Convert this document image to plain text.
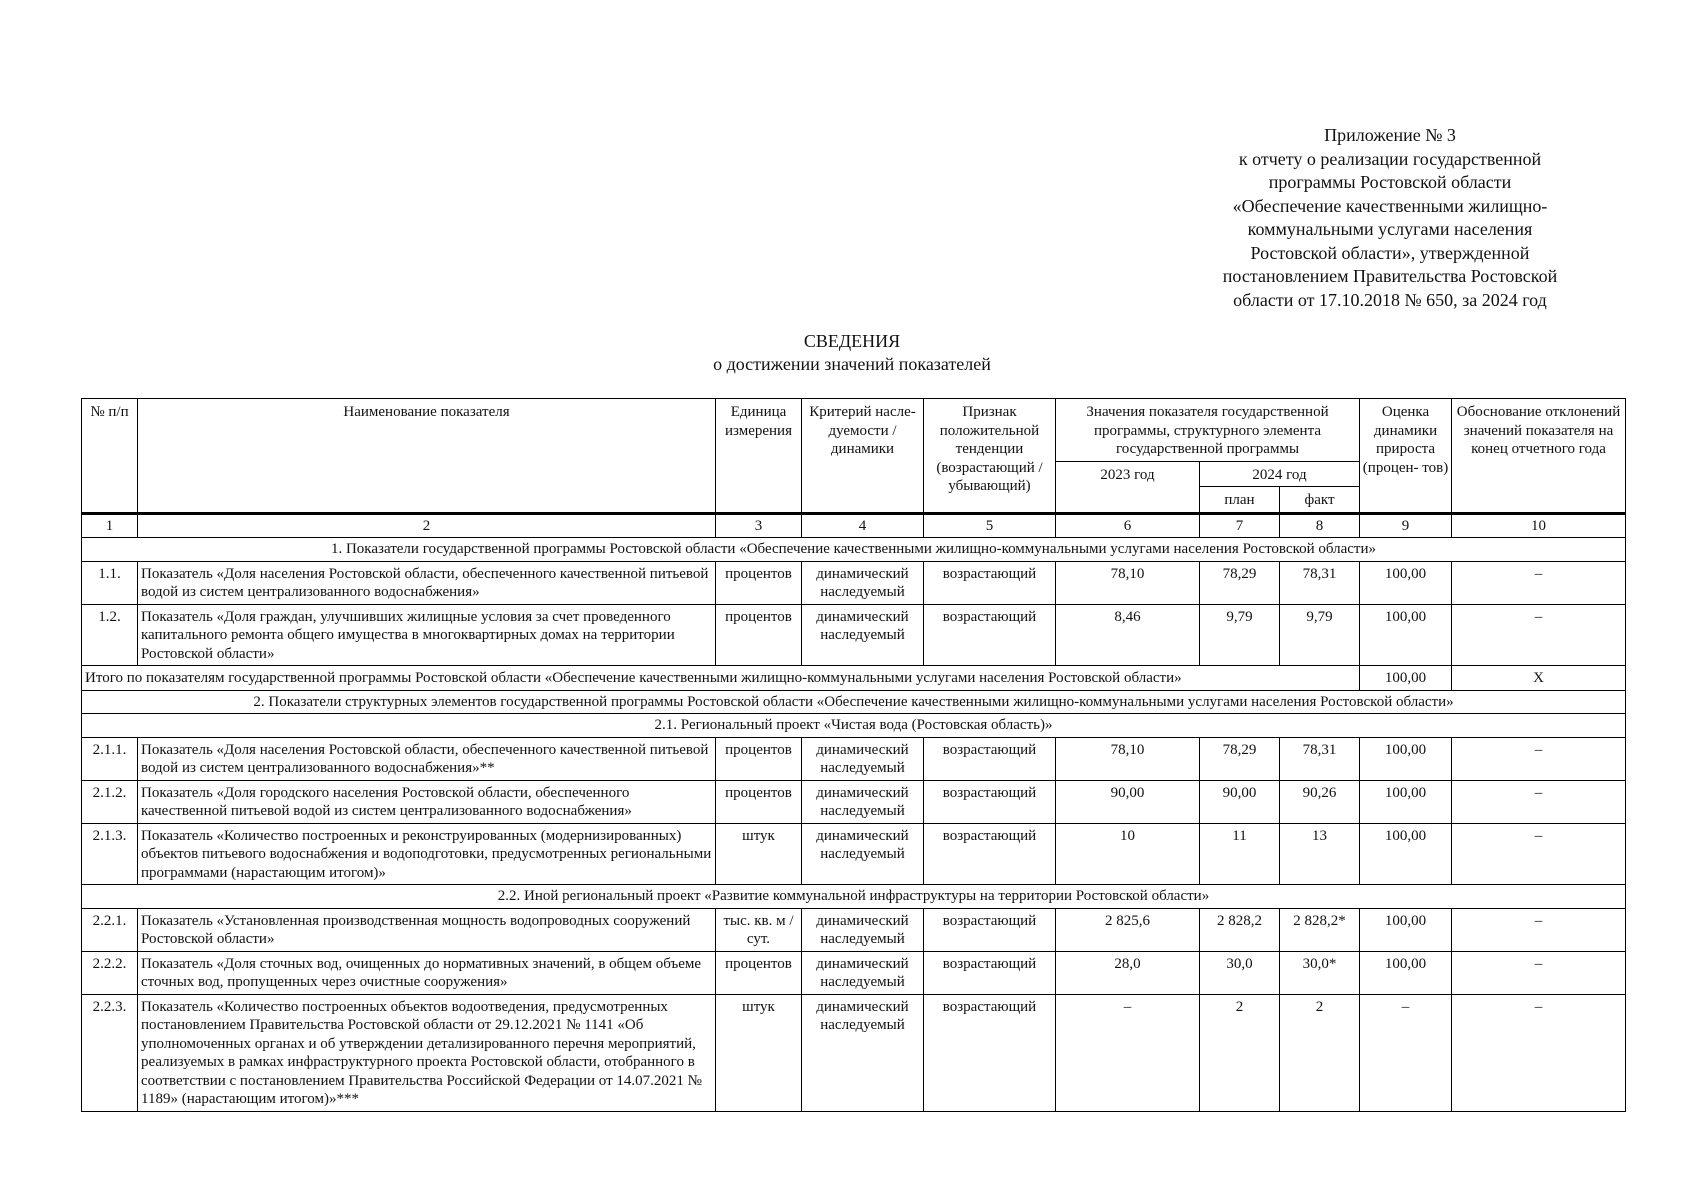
Приложение № 3
к отчету о реализации государственной
программы Ростовской области
«Обеспечение качественными жилищно-
коммунальными услугами населения
Ростовской области», утвержденной
постановлением Правительства Ростовской
области от 17.10.2018 № 650, за 2024 год
СВЕДЕНИЯ
о достижении значений показателей
№ п/п	Наименование показателя	Единица измерения	Критерий насле- дуемости / динамики	Признак положительной тенденции (возрастающий / убывающий)	Значения показателя государственной программы, структурного элемента государственной программы			Оценка динамики прироста (процен- тов)	Обоснование отклонений значений показателя на конец отчетного года
					2023 год	2024 год			
						план	факт		
1	2	3	4	5	6	7	8	9	10
1. Показатели государственной программы Ростовской области «Обеспечение качественными жилищно-коммунальными услугами населения Ростовской области»									
1.1.	Показатель «Доля населения Ростовской области, обеспеченного качественной питьевой водой из систем централизованного водоснабжения»	процентов	динамический наследуемый	возрастающий	78,10	78,29	78,31	100,00	–
1.2.	Показатель «Доля граждан, улучшивших жилищные условия за счет проведенного капитального ремонта общего имущества в многоквартирных домах на территории Ростовской области»	процентов	динамический наследуемый	возрастающий	8,46	9,79	9,79	100,00	–
Итого по показателям государственной программы Ростовской области «Обеспечение качественными жилищно-коммунальными услугами населения Ростовской области»								100,00	Х
2. Показатели структурных элементов государственной программы Ростовской области «Обеспечение качественными жилищно-коммунальными услугами населения Ростовской области»									
2.1. Региональный проект «Чистая вода (Ростовская область)»									
2.1.1.	Показатель «Доля населения Ростовской области, обеспеченного качественной питьевой водой из систем централизованного водоснабжения»**	процентов	динамический наследуемый	возрастающий	78,10	78,29	78,31	100,00	–
2.1.2.	Показатель «Доля городского населения Ростовской области, обеспеченного качественной питьевой водой из систем централизованного водоснабжения»	процентов	динамический наследуемый	возрастающий	90,00	90,00	90,26	100,00	–
2.1.3.	Показатель «Количество построенных и реконструированных (модернизированных) объектов питьевого водоснабжения и водоподготовки, предусмотренных региональными программами (нарастающим итогом)»	штук	динамический наследуемый	возрастающий	10	11	13	100,00	–
2.2. Иной региональный проект «Развитие коммунальной инфраструктуры на территории Ростовской области»									
2.2.1.	Показатель «Установленная производственная мощность водопроводных сооружений Ростовской области»	тыс. кв. м / сут.	динамический наследуемый	возрастающий	2 825,6	2 828,2	2 828,2*	100,00	–
2.2.2.	Показатель «Доля сточных вод, очищенных до нормативных значений, в общем объеме сточных вод, пропущенных через очистные сооружения»	процентов	динамический наследуемый	возрастающий	28,0	30,0	30,0*	100,00	–
2.2.3.	Показатель «Количество построенных объектов водоотведения, предусмотренных постановлением Правительства Ростовской области от 29.12.2021 № 1141 «Об уполномоченных органах и об утверждении детализированного перечня мероприятий, реализуемых в рамках инфраструктурного проекта Ростовской области, отобранного в соответствии с постановлением Правительства Российской Федерации от 14.07.2021 № 1189» (нарастающим итогом)»***	штук	динамический наследуемый	возрастающий	–	2	2	–	–
